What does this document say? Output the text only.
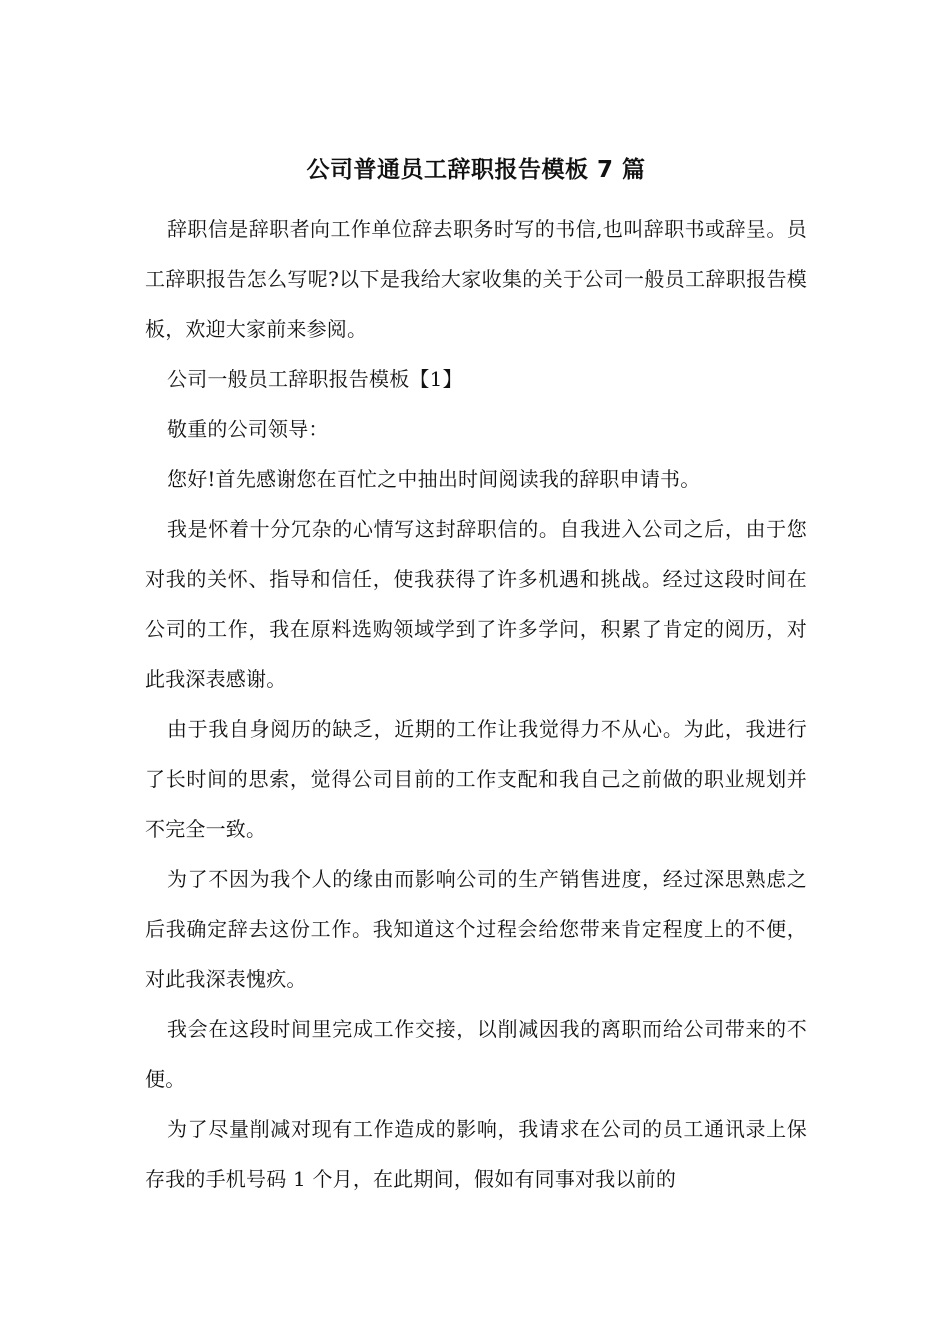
公司普通员工辞职报告模板 7 篇

辞职信是辞职者向工作单位辞去职务时写的书信,也叫辞职书或辞呈。员工辞职报告怎么写呢?以下是我给大家收集的关于公司一般员工辞职报告模板，欢迎大家前来参阅。

公司一般员工辞职报告模板【1】

敬重的公司领导：

您好!首先感谢您在百忙之中抽出时间阅读我的辞职申请书。

我是怀着十分冗杂的心情写这封辞职信的。自我进入公司之后，由于您对我的关怀、指导和信任，使我获得了许多机遇和挑战。经过这段时间在公司的工作，我在原料选购领域学到了许多学问，积累了肯定的阅历，对此我深表感谢。

由于我自身阅历的缺乏，近期的工作让我觉得力不从心。为此，我进行了长时间的思索，觉得公司目前的工作支配和我自己之前做的职业规划并不完全一致。

为了不因为我个人的缘由而影响公司的生产销售进度，经过深思熟虑之后我确定辞去这份工作。我知道这个过程会给您带来肯定程度上的不便，对此我深表愧疚。

我会在这段时间里完成工作交接，以削减因我的离职而给公司带来的不便。

为了尽量削减对现有工作造成的影响，我请求在公司的员工通讯录上保存我的手机号码 1 个月，在此期间，假如有同事对我以前的
